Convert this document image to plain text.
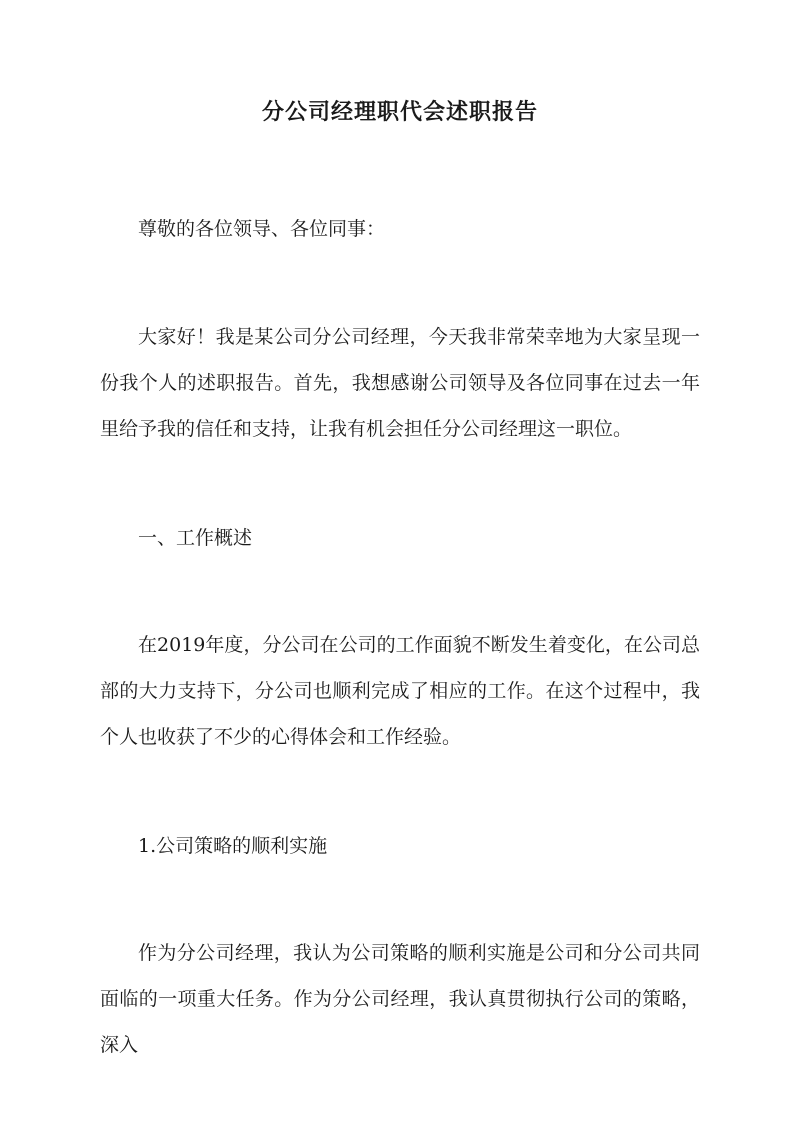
分公司经理职代会述职报告
尊敬的各位领导、各位同事：
大家好！我是某公司分公司经理，今天我非常荣幸地为大家呈现一份我个人的述职报告。首先，我想感谢公司领导及各位同事在过去一年里给予我的信任和支持，让我有机会担任分公司经理这一职位。
一、工作概述
在2019年度，分公司在公司的工作面貌不断发生着变化，在公司总部的大力支持下，分公司也顺利完成了相应的工作。在这个过程中，我个人也收获了不少的心得体会和工作经验。
1.公司策略的顺利实施
作为分公司经理，我认为公司策略的顺利实施是公司和分公司共同面临的一项重大任务。作为分公司经理，我认真贯彻执行公司的策略，深入
